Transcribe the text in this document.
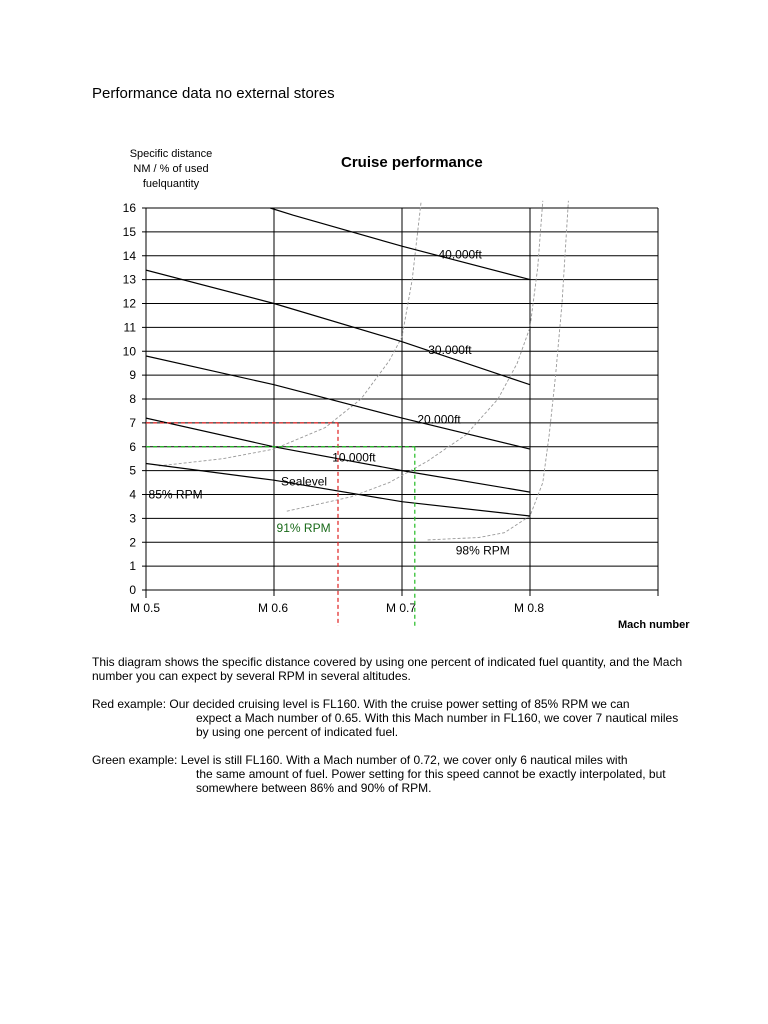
Performance data no external stores
Specific distance
NM / % of used
fuelquantity
Cruise performance
0
1
2
3
4
5
6
7
8
9
10
11
12
13
14
15
16
M 0.5	M 0.6	M 0.7	M 0.8
85% RPM
91% RPM
98% RPM
40.000ft
30.000ft
20.000ft
10.000ft
Sealevel
Mach number

This diagram shows the specific distance covered by using one percent of indicated fuel quantity, and the Mach number you can expect by several RPM in several altitudes.

Red example: Our decided cruising level is FL160. With the cruise power setting of 85% RPM we can
expect a Mach number of 0.65. With this Mach number in FL160, we cover 7 nautical miles by using one percent of indicated fuel.

Green example: Level is still FL160. With a Mach number of 0.72, we cover only 6 nautical miles with
the same amount of fuel. Power setting for this speed cannot be exactly interpolated, but somewhere between 86% and 90% of RPM.
